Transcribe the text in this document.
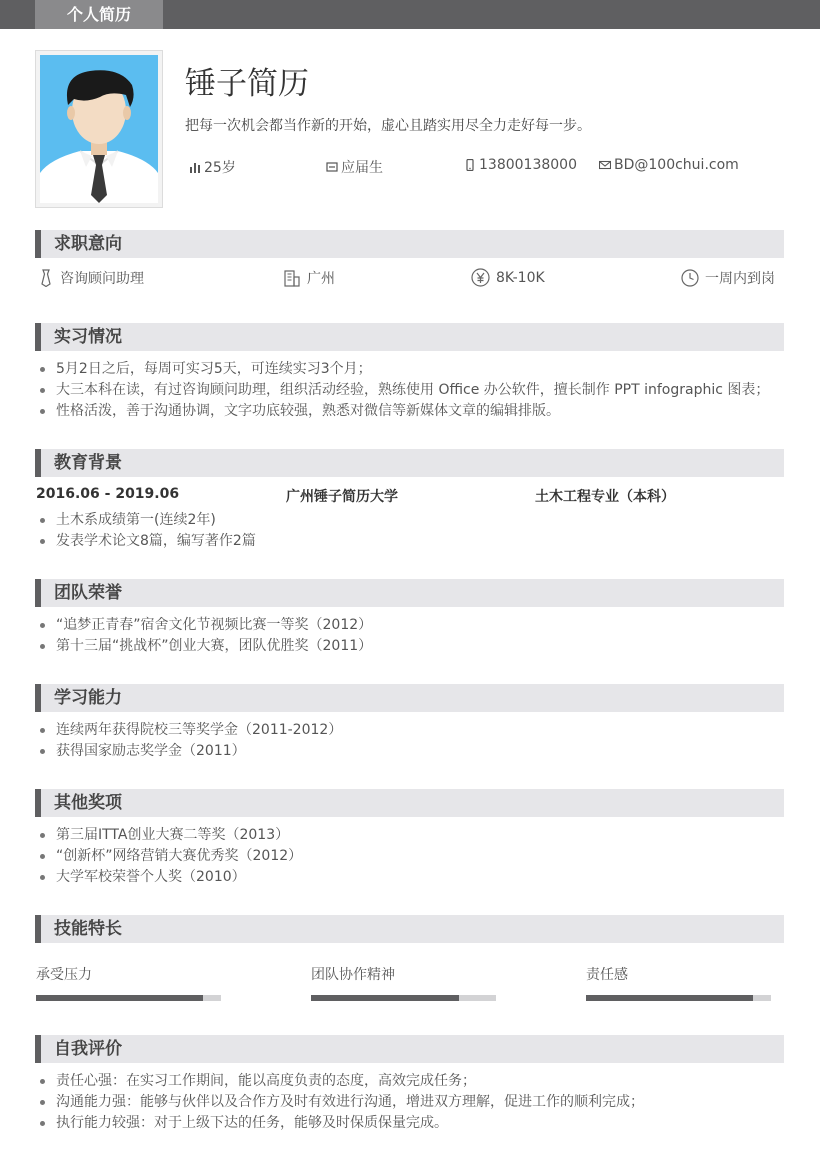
个人简历
锤子简历
把每一次机会都当作新的开始，虚心且踏实用尽全力走好每一步。
25岁	应届生	13800138000	BD@100chui.com
求职意向
咨询顾问助理	广州	8K-10K	一周内到岗
实习情况
5月2日之后，每周可实习5天，可连续实习3个月；
大三本科在读，有过咨询顾问助理，组织活动经验，熟练使用 Office 办公软件，擅长制作 PPT infographic 图表；
性格活泼，善于沟通协调，文字功底较强，熟悉对微信等新媒体文章的编辑排版。
教育背景
2016.06 - 2019.06	广州锤子简历大学	土木工程专业（本科）
土木系成绩第一(连续2年)
发表学术论文8篇，编写著作2篇
团队荣誉
“追梦正青春”宿舍文化节视频比赛一等奖（2012）
第十三届“挑战杯”创业大赛，团队优胜奖（2011）
学习能力
连续两年获得院校三等奖学金（2011-2012）
获得国家励志奖学金（2011）
其他奖项
第三届ITTA创业大赛二等奖（2013）
“创新杯”网络营销大赛优秀奖（2012）
大学军校荣誉个人奖（2010）
技能特长
承受压力	团队协作精神	责任感
自我评价
责任心强：在实习工作期间，能以高度负责的态度，高效完成任务；
沟通能力强：能够与伙伴以及合作方及时有效进行沟通，增进双方理解，促进工作的顺利完成；
执行能力较强：对于上级下达的任务，能够及时保质保量完成。
